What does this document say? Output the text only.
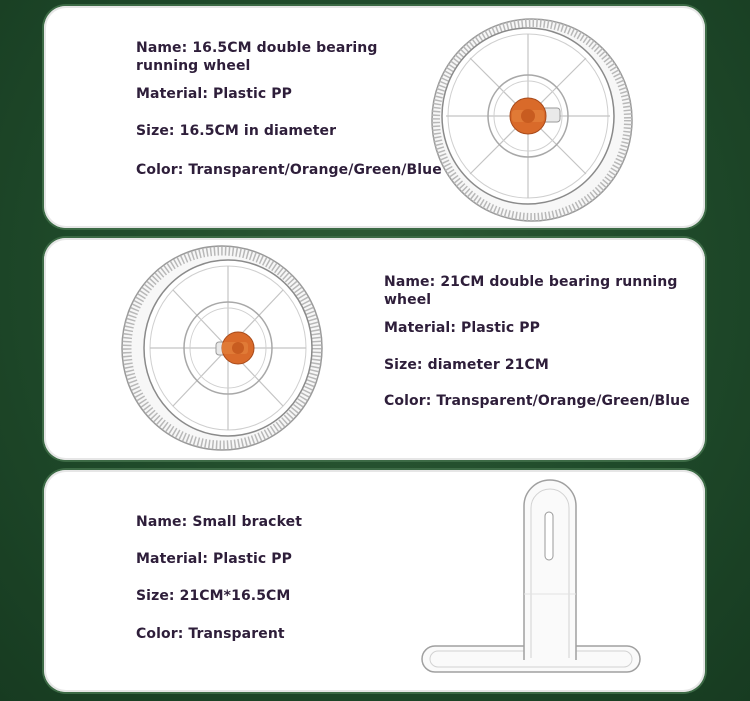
Name: 16.5CM double bearing running wheel

Material: Plastic PP

Size: 16.5CM in diameter

Color: Transparent/Orange/Green/Blue

Name: 21CM double bearing running wheel

Material: Plastic PP

Size: diameter 21CM

Color: Transparent/Orange/Green/Blue

Name: Small bracket

Material: Plastic PP

Size: 21CM*16.5CM

Color: Transparent
